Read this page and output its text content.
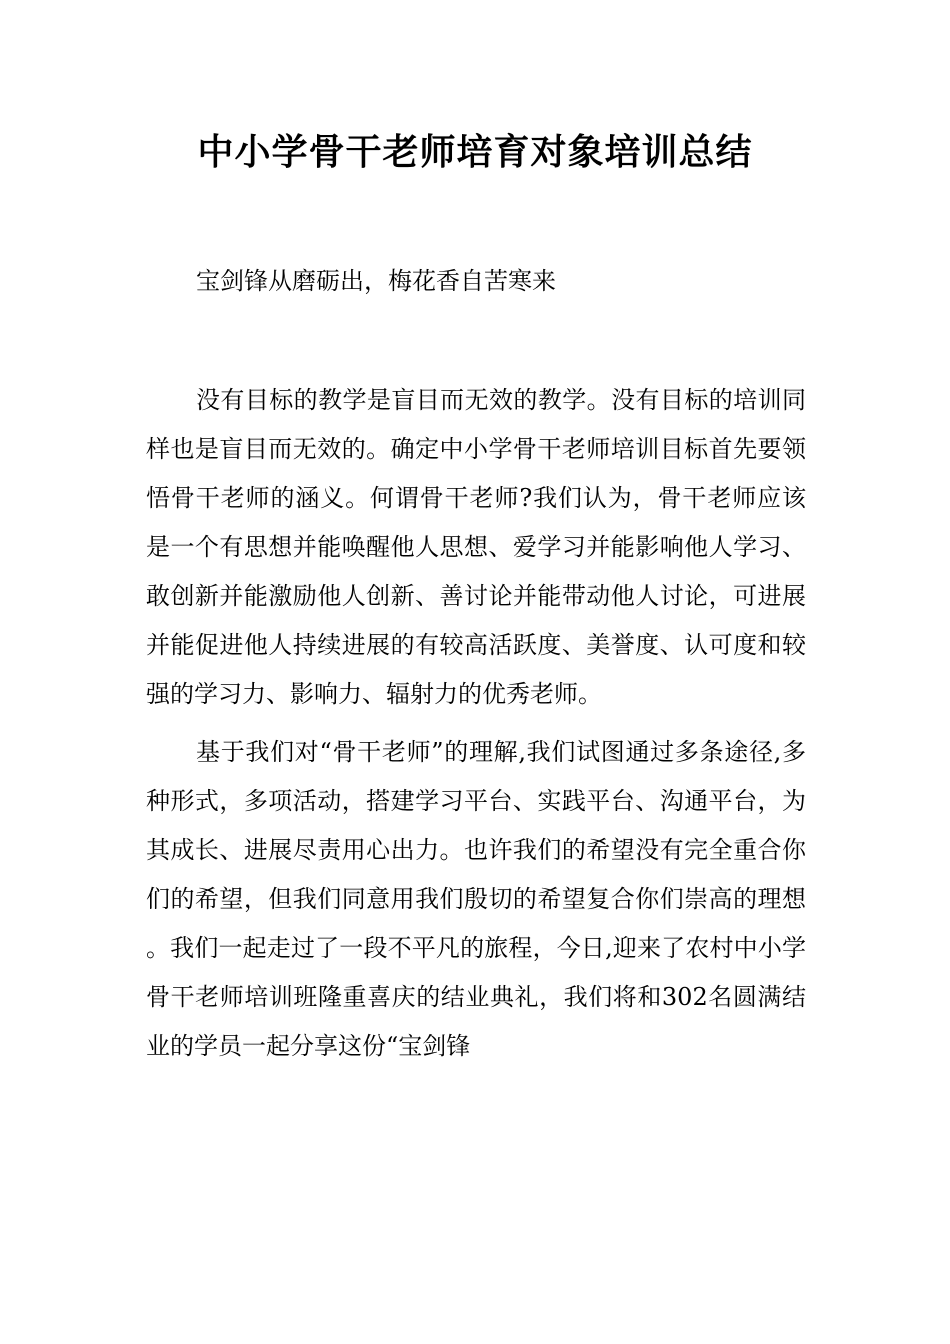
中小学骨干老师培育对象培训总结

宝剑锋从磨砺出，梅花香自苦寒来

没有目标的教学是盲目而无效的教学。没有目标的培训同样也是盲目而无效的。确定中小学骨干老师培训目标首先要领悟骨干老师的涵义。何谓骨干老师?我们认为，骨干老师应该是一个有思想并能唤醒他人思想、爱学习并能影响他人学习、敢创新并能激励他人创新、善讨论并能带动他人讨论，可进展并能促进他人持续进展的有较高活跃度、美誉度、认可度和较强的学习力、影响力、辐射力的优秀老师。

基于我们对“骨干老师”的理解,我们试图通过多条途径,多种形式，多项活动，搭建学习平台、实践平台、沟通平台，为其成长、进展尽责用心出力。也许我们的希望没有完全重合你们的希望，但我们同意用我们殷切的希望复合你们崇高的理想。我们一起走过了一段不平凡的旅程，今日,迎来了农村中小学骨干老师培训班隆重喜庆的结业典礼，我们将和302名圆满结业的学员一起分享这份“宝剑锋
